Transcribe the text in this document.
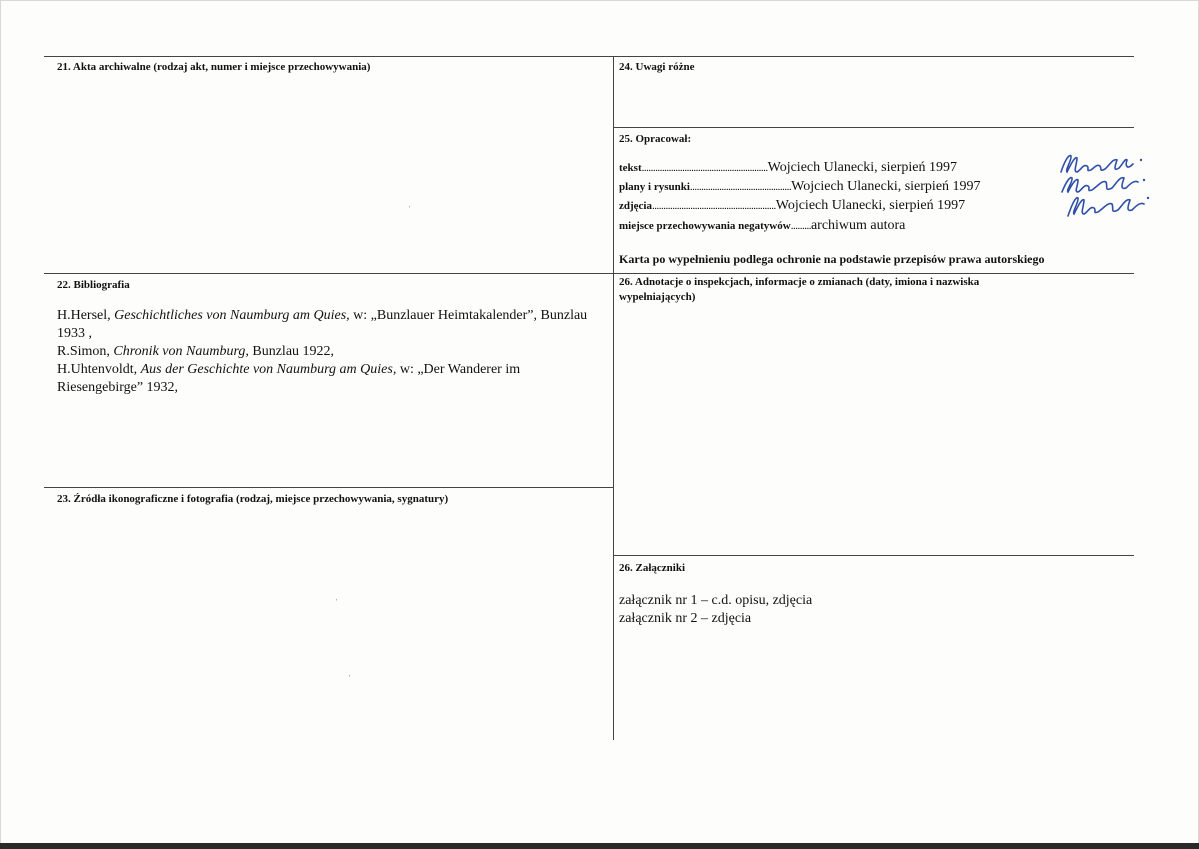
21. Akta archiwalne (rodzaj akt, numer i miejsce przechowywania)	24. Uwagi różne
25. Opracował:
tekst........................................................Wojciech Ulanecki, sierpień 1997
plany i rysunki.............................................Wojciech Ulanecki, sierpień 1997
zdjęcia.......................................................Wojciech Ulanecki, sierpień 1997
miejsce przechowywania negatywów.........archiwum autora
Karta po wypełnieniu podlega ochronie na podstawie przepisów prawa autorskiego
22. Bibliografia
H.Hersel, Geschichtliches von Naumburg am Quies, w: „Bunzlauer Heimtakalender”, Bunzlau 1933 ,
R.Simon, Chronik von Naumburg, Bunzlau 1922,
H.Uhtenvoldt, Aus der Geschichte von Naumburg am Quies, w: „Der Wanderer im Riesengebirge” 1932,
26. Adnotacje o inspekcjach, informacje o zmianach (daty, imiona i nazwiska
wypełniających)
23. Źródła ikonograficzne i fotografia (rodzaj, miejsce przechowywania, sygnatury)
26. Załączniki
załącznik nr 1 – c.d. opisu, zdjęcia
załącznik nr 2 – zdjęcia
ˈ
ˈ
ˌ
